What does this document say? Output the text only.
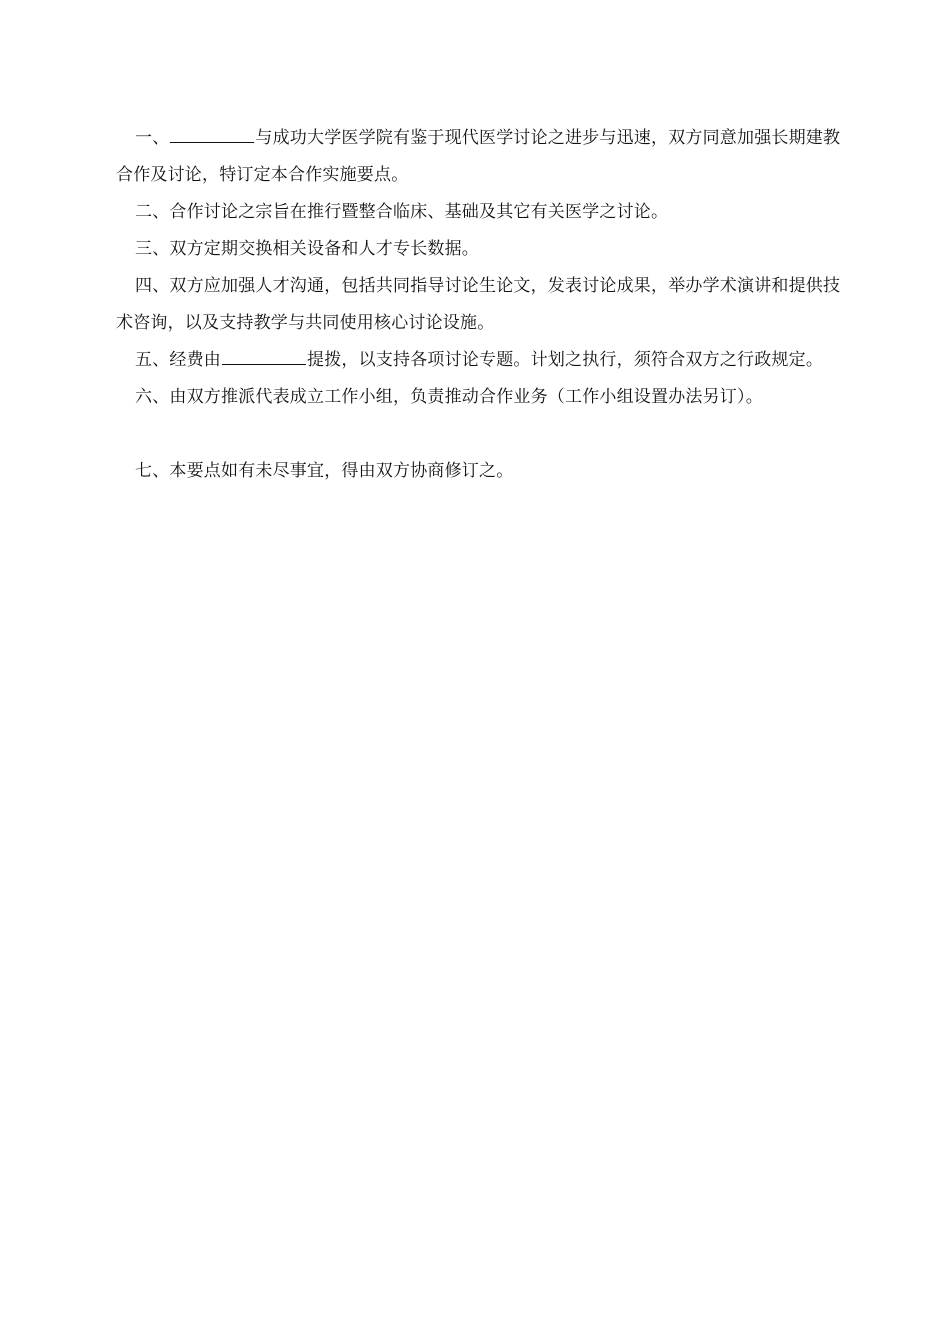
一、	与成功大学医学院有鉴于现代医学讨论之进步与迅速，双方同意加强长期建教合作及讨论，特订定本合作实施要点。

二、合作讨论之宗旨在推行暨整合临床、基础及其它有关医学之讨论。

三、双方定期交换相关设备和人才专长数据。

四、双方应加强人才沟通，包括共同指导讨论生论文，发表讨论成果，举办学术演讲和提供技术咨询，以及支持教学与共同使用核心讨论设施。

五、经费由	提拨，以支持各项讨论专题。计划之执行，须符合双方之行政规定。

六、由双方推派代表成立工作小组，负责推动合作业务（工作小组设置办法另订）。

七、本要点如有未尽事宜，得由双方协商修订之。
